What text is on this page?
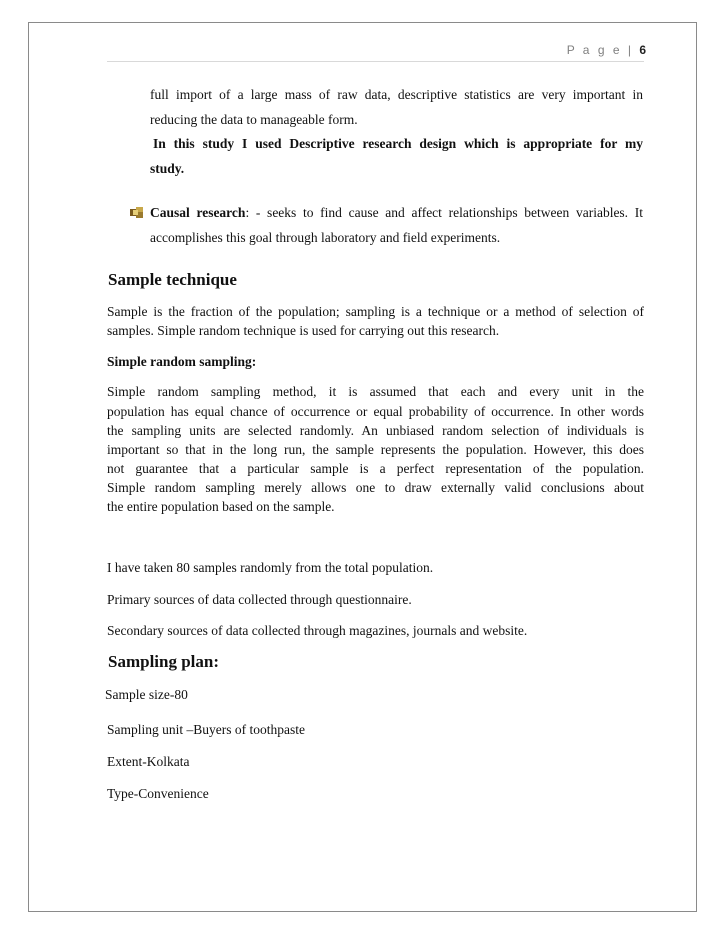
P a g e | 6
full import of a large mass of raw data, descriptive statistics are very important in
reducing the data to manageable form.
In this study I used Descriptive research design which is appropriate for my
study.
Causal research: - seeks to find cause and affect relationships between variables. It
accomplishes this goal through laboratory and field experiments.
Sample technique
Sample is the fraction of the population; sampling is a technique or a method of selection of
samples. Simple random technique is used for carrying out this research.
Simple random sampling:
Simple random sampling method, it is assumed that each and every unit in the
population has equal chance of occurrence or equal probability of occurrence. In other words
the sampling units are selected randomly. An unbiased random selection of individuals is
important so that in the long run, the sample represents the population. However, this does
not guarantee that a particular sample is a perfect representation of the population.
Simple random sampling merely allows one to draw externally valid conclusions about
the entire population based on the sample.
I have taken 80 samples randomly from the total population.
Primary sources of data collected through questionnaire.
Secondary sources of data collected through magazines, journals and website.
Sampling plan:
Sample size-80
Sampling unit –Buyers of toothpaste
Extent-Kolkata
Type-Convenience
